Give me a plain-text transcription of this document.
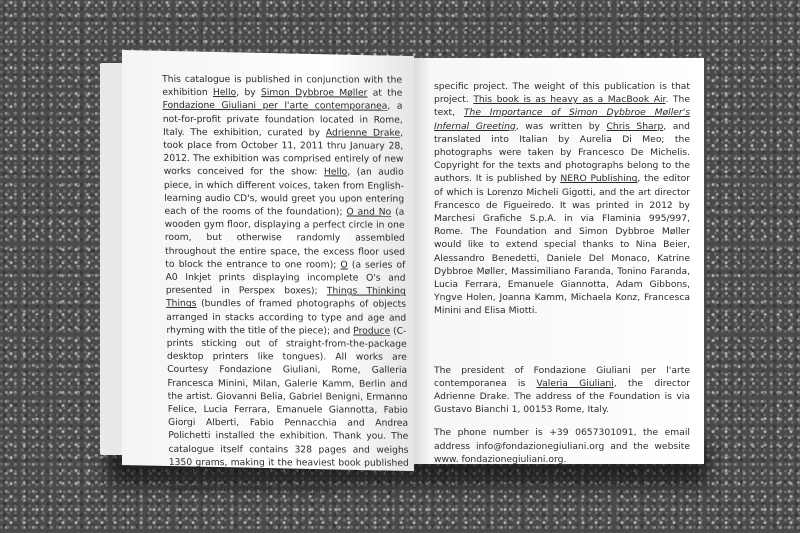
This catalogue is published in conjunction with the exhibition Hello, by Simon Dybbroe Møller at the Fondazione Giuliani per l'arte contemporanea, a not-for-profit private foundation located in Rome, Italy. The exhibition, curated by Adrienne Drake, took place from October 11, 2011 thru January 28, 2012. The exhibition was comprised entirely of new works conceived for the show: Hello, (an audio piece, in which different voices, taken from English-learning audio CD's, would greet you upon entering each of the rooms of the foundation); O and No (a wooden gym floor, displaying a perfect circle in one room, but otherwise randomly assembled throughout the entire space, the excess floor used to block the entrance to one room); O (a series of A0 Inkjet prints displaying incomplete O's and presented in Perspex boxes); Things Thinking Things (bundles of framed photographs of objects arranged in stacks according to type and age and rhyming with the title of the piece); and Produce (C-prints sticking out of straight-from-the-package desktop printers like tongues). All works are Courtesy Fondazione Giuliani, Rome, Galleria Francesca Minini, Milan, Galerie Kamm, Berlin and the artist. Giovanni Belia, Gabriel Benigni, Ermanno Felice, Lucia Ferrara, Emanuele Giannotta, Fabio Giorgi Alberti, Fabio Pennacchia and Andrea Polichetti installed the exhibition. Thank you. The catalogue itself contains 328 pages and weighs 1350 grams, making it the heaviest book published by the Foundation to date. Simon Dybbroe Møller was asked to conceive a catalogue-

specific project. The weight of this publication is that project. This book is as heavy as a MacBook Air. The text, The Importance of Simon Dybbroe Møller's Infernal Greeting, was written by Chris Sharp, and translated into Italian by Aurelia Di Meo; the photographs were taken by Francesco De Michelis. Copyright for the texts and photographs belong to the authors. It is published by NERO Publishing, the editor of which is Lorenzo Micheli Gigotti, and the art director Francesco de Figueiredo. It was printed in 2012 by Marchesi Grafiche S.p.A. in via Flaminia 995/997, Rome. The Foundation and Simon Dybbroe Møller would like to extend special thanks to Nina Beier, Alessandro Benedetti, Daniele Del Monaco, Katrine Dybbroe Møller, Massimiliano Faranda, Tonino Faranda, Lucia Ferrara, Emanuele Giannotta, Adam Gibbons, Yngve Holen, Joanna Kamm, Michaela Konz, Francesca Minini and Elisa Miotti.

The president of Fondazione Giuliani per l'arte contemporanea is Valeria Giuliani, the director Adrienne Drake. The address of the Foundation is via Gustavo Bianchi 1, 00153 Rome, Italy.

The phone number is +39 0657301091, the email address info@fondazionegiuliani.org and the website www. fondazionegiuliani.org.
